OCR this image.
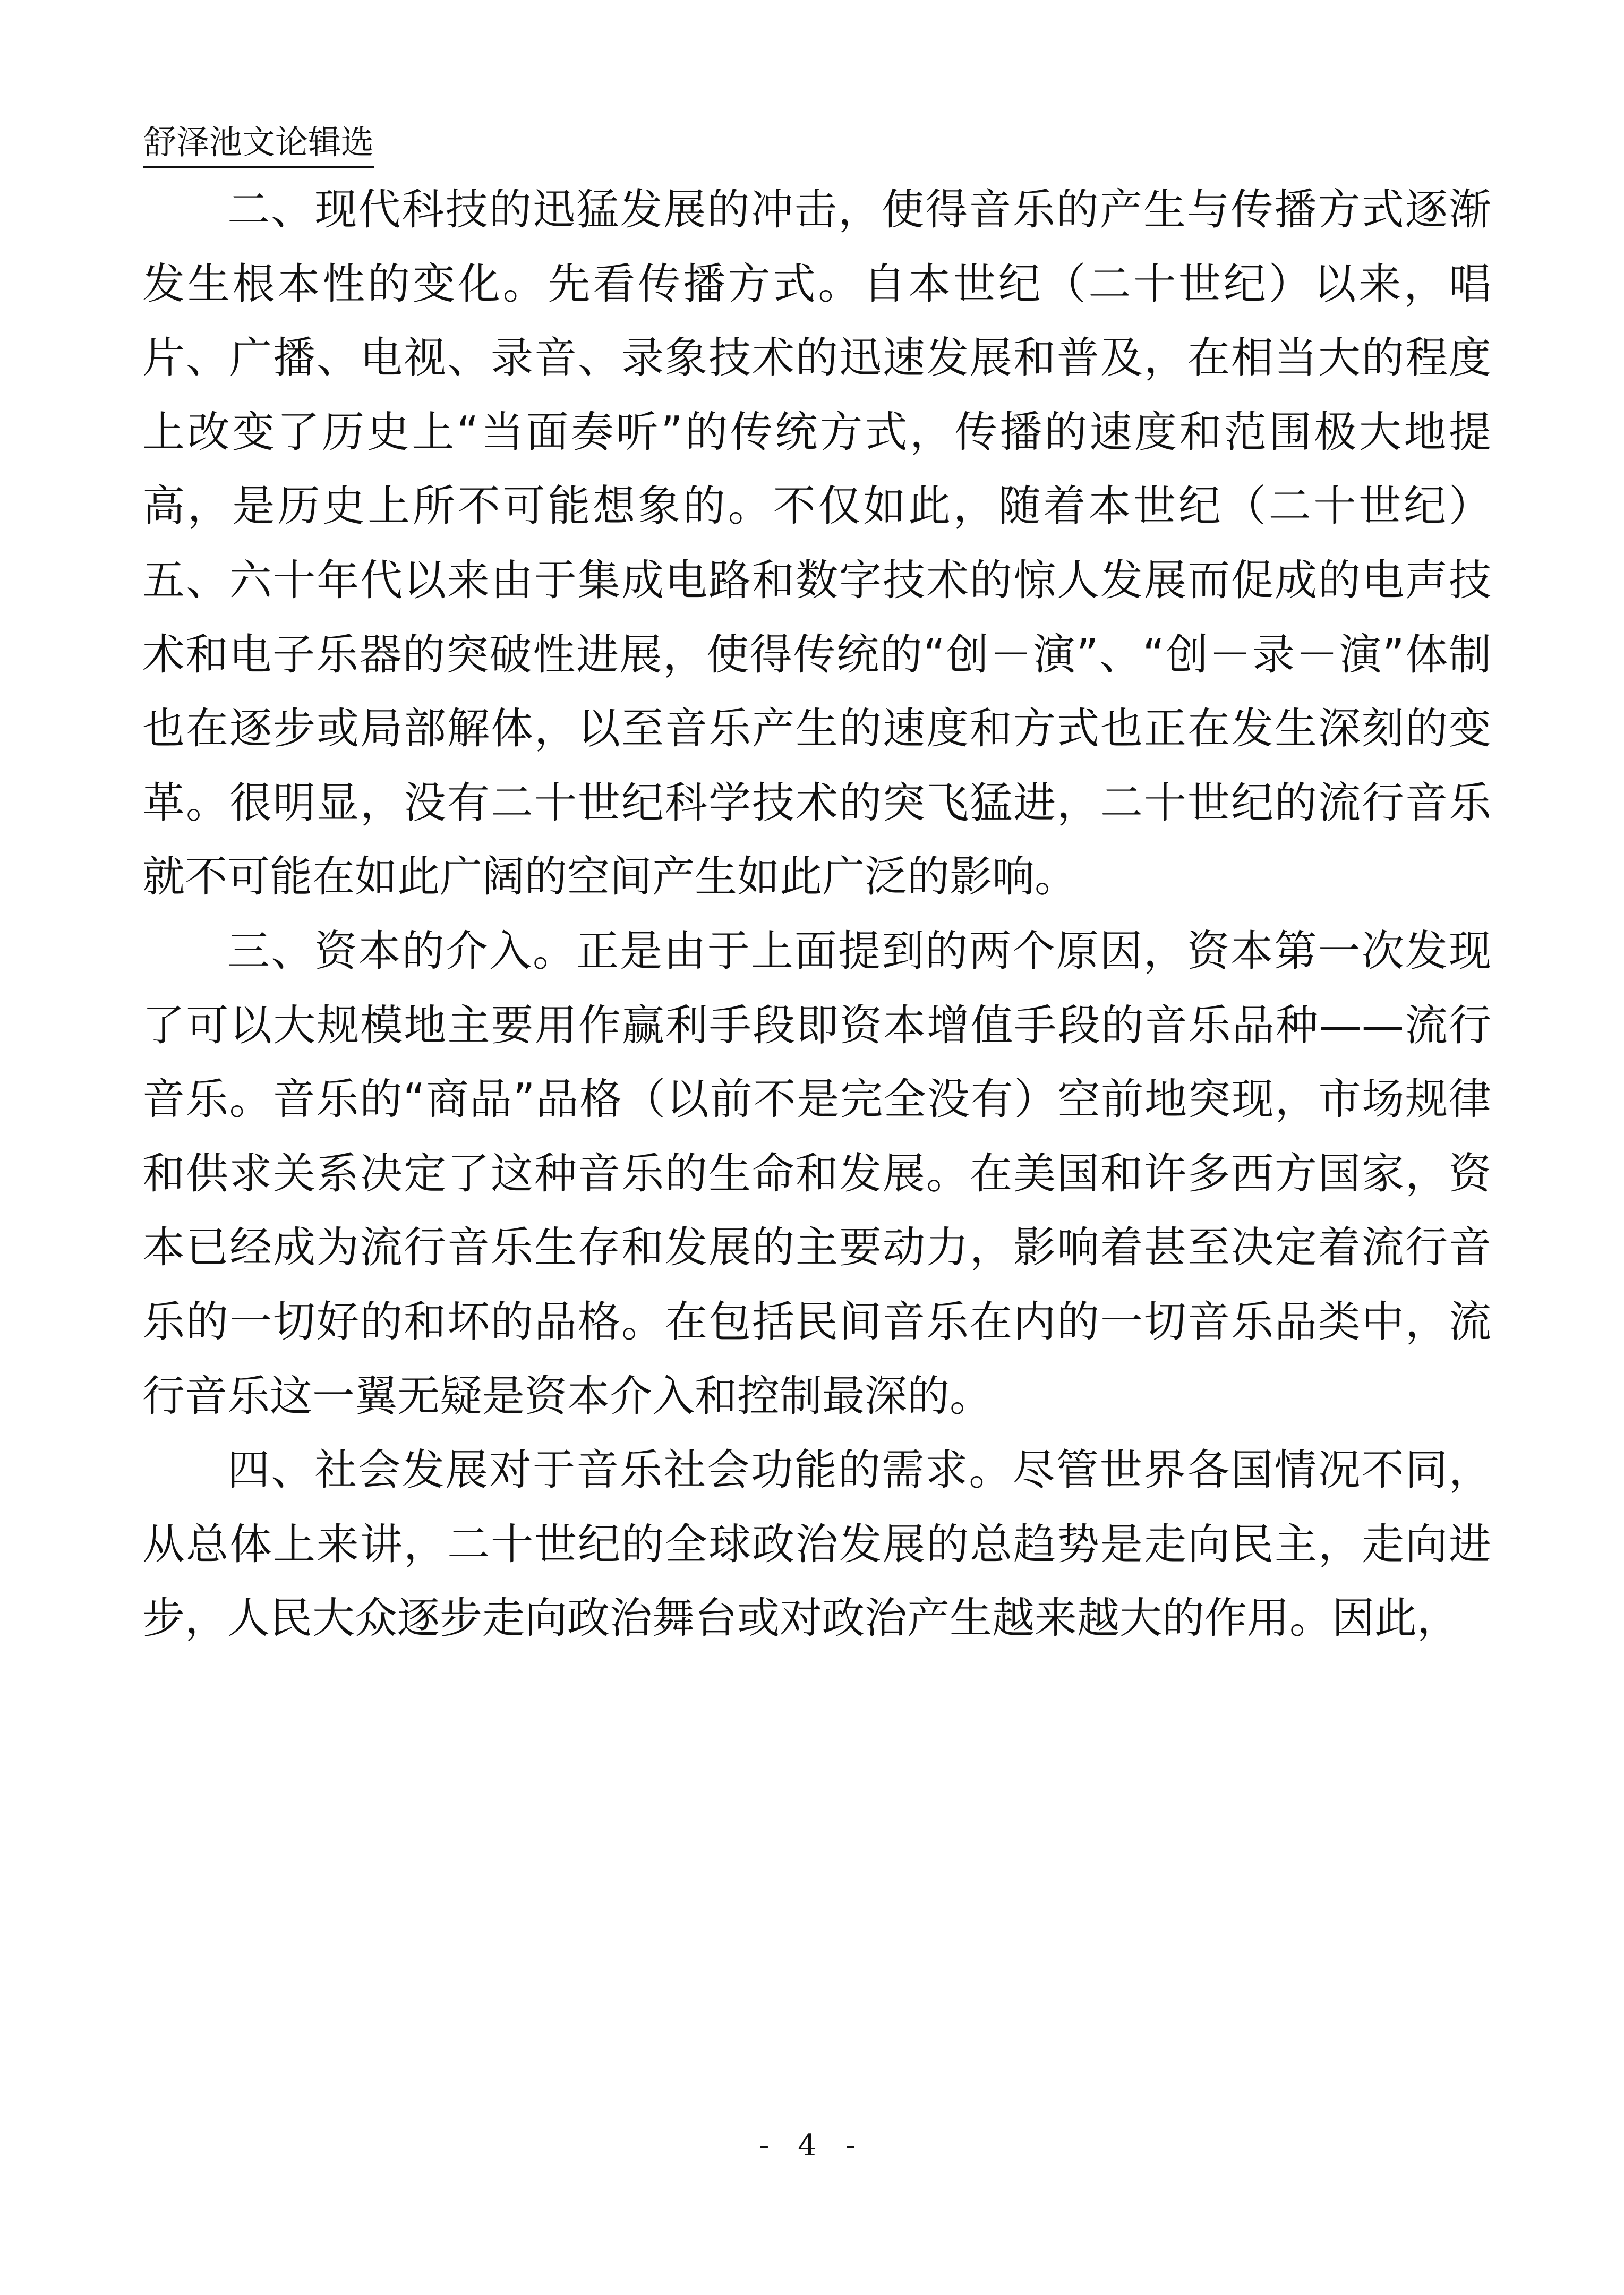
舒泽池文论辑选

二、现代科技的迅猛发展的冲击，使得音乐的产生与传播方式逐渐发生根本性的变化。先看传播方式。自本世纪（二十世纪）以来，唱片、广播、电视、录音、录象技术的迅速发展和普及，在相当大的程度上改变了历史上“当面奏听”的传统方式，传播的速度和范围极大地提高，是历史上所不可能想象的。不仅如此，随着本世纪（二十世纪）五、六十年代以来由于集成电路和数字技术的惊人发展而促成的电声技术和电子乐器的突破性进展，使得传统的“创－演”、“创－录－演”体制也在逐步或局部解体，以至音乐产生的速度和方式也正在发生深刻的变革。很明显，没有二十世纪科学技术的突飞猛进，二十世纪的流行音乐就不可能在如此广阔的空间产生如此广泛的影响。

三、资本的介入。正是由于上面提到的两个原因，资本第一次发现了可以大规模地主要用作赢利手段即资本增值手段的音乐品种——流行音乐。音乐的“商品”品格（以前不是完全没有）空前地突现，市场规律和供求关系决定了这种音乐的生命和发展。在美国和许多西方国家，资本已经成为流行音乐生存和发展的主要动力，影响着甚至决定着流行音乐的一切好的和坏的品格。在包括民间音乐在内的一切音乐品类中，流行音乐这一翼无疑是资本介入和控制最深的。

四、社会发展对于音乐社会功能的需求。尽管世界各国情况不同，从总体上来讲，二十世纪的全球政治发展的总趋势是走向民主，走向进步，人民大众逐步走向政治舞台或对政治产生越来越大的作用。因此，

- 4 -
